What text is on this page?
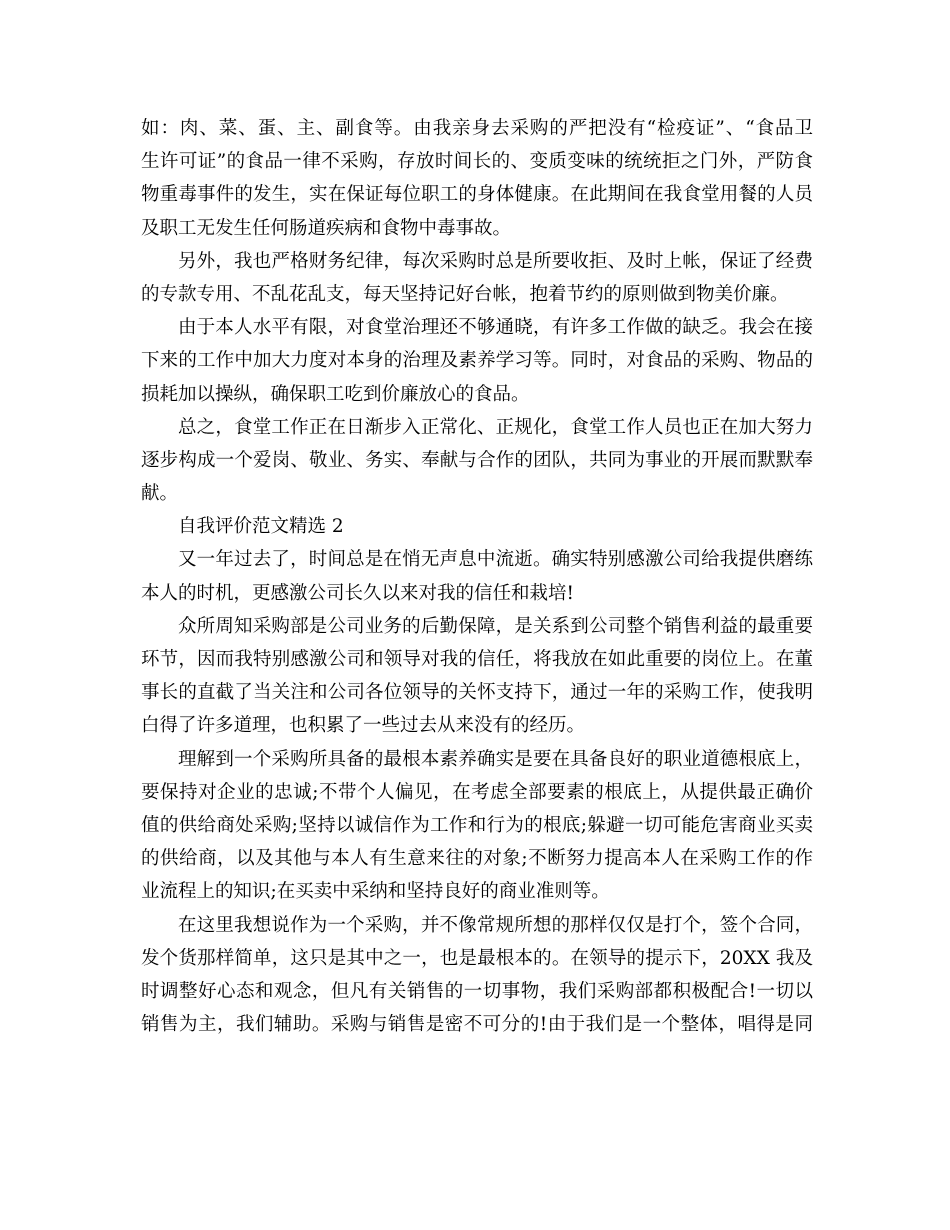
如：肉、菜、蛋、主、副食等。由我亲身去采购的严把没有“检疫证”、“食品卫
生许可证”的食品一律不采购，存放时间长的、变质变味的统统拒之门外，严防食
物重毒事件的发生，实在保证每位职工的身体健康。在此期间在我食堂用餐的人员
及职工无发生任何肠道疾病和食物中毒事故。
另外，我也严格财务纪律，每次采购时总是所要收拒、及时上帐，保证了经费
的专款专用、不乱花乱支，每天坚持记好台帐，抱着节约的原则做到物美价廉。
由于本人水平有限，对食堂治理还不够通晓，有许多工作做的缺乏。我会在接
下来的工作中加大力度对本身的治理及素养学习等。同时，对食品的采购、物品的
损耗加以操纵，确保职工吃到价廉放心的食品。
总之，食堂工作正在日渐步入正常化、正规化，食堂工作人员也正在加大努力
逐步构成一个爱岗、敬业、务实、奉献与合作的团队，共同为事业的开展而默默奉
献。
自我评价范文精选 2
又一年过去了，时间总是在悄无声息中流逝。确实特别感激公司给我提供磨练
本人的时机，更感激公司长久以来对我的信任和栽培!
众所周知采购部是公司业务的后勤保障，是关系到公司整个销售利益的最重要
环节，因而我特别感激公司和领导对我的信任，将我放在如此重要的岗位上。在董
事长的直截了当关注和公司各位领导的关怀支持下，通过一年的采购工作，使我明
白得了许多道理，也积累了一些过去从来没有的经历。
理解到一个采购所具备的最根本素养确实是要在具备良好的职业道德根底上，
要保持对企业的忠诚;不带个人偏见，在考虑全部要素的根底上，从提供最正确价
值的供给商处采购;坚持以诚信作为工作和行为的根底;躲避一切可能危害商业买卖
的供给商，以及其他与本人有生意来往的对象;不断努力提高本人在采购工作的作
业流程上的知识;在买卖中采纳和坚持良好的商业准则等。
在这里我想说作为一个采购，并不像常规所想的那样仅仅是打个，签个合同，
发个货那样简单，这只是其中之一，也是最根本的。在领导的提示下，20XX 我及
时调整好心态和观念，但凡有关销售的一切事物，我们采购部都积极配合!一切以
销售为主，我们辅助。采购与销售是密不可分的!由于我们是一个整体，唱得是同
